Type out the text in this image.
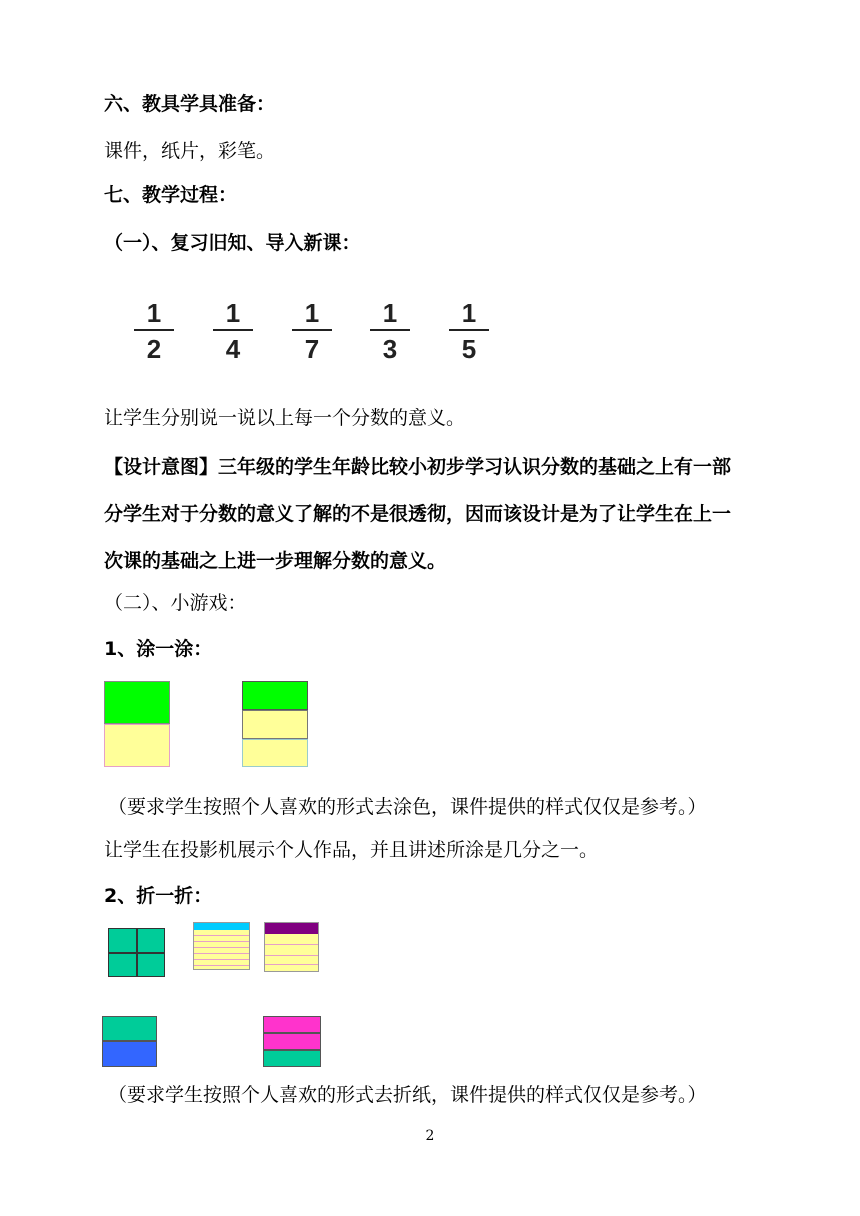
六、教具学具准备：
课件，纸片，彩笔。
七、教学过程：
（一）、复习旧知、导入新课：
1
2
1
4
1
7
1
3
1
5
让学生分别说一说以上每一个分数的意义。
【设计意图】三年级的学生年龄比较小初步学习认识分数的基础之上有一部
分学生对于分数的意义了解的不是很透彻，因而该设计是为了让学生在上一
次课的基础之上进一步理解分数的意义。
（二）、小游戏：
1、涂一涂：
（要求学生按照个人喜欢的形式去涂色，课件提供的样式仅仅是参考。）
让学生在投影机展示个人作品，并且讲述所涂是几分之一。
2、折一折：
（要求学生按照个人喜欢的形式去折纸，课件提供的样式仅仅是参考。）
2
